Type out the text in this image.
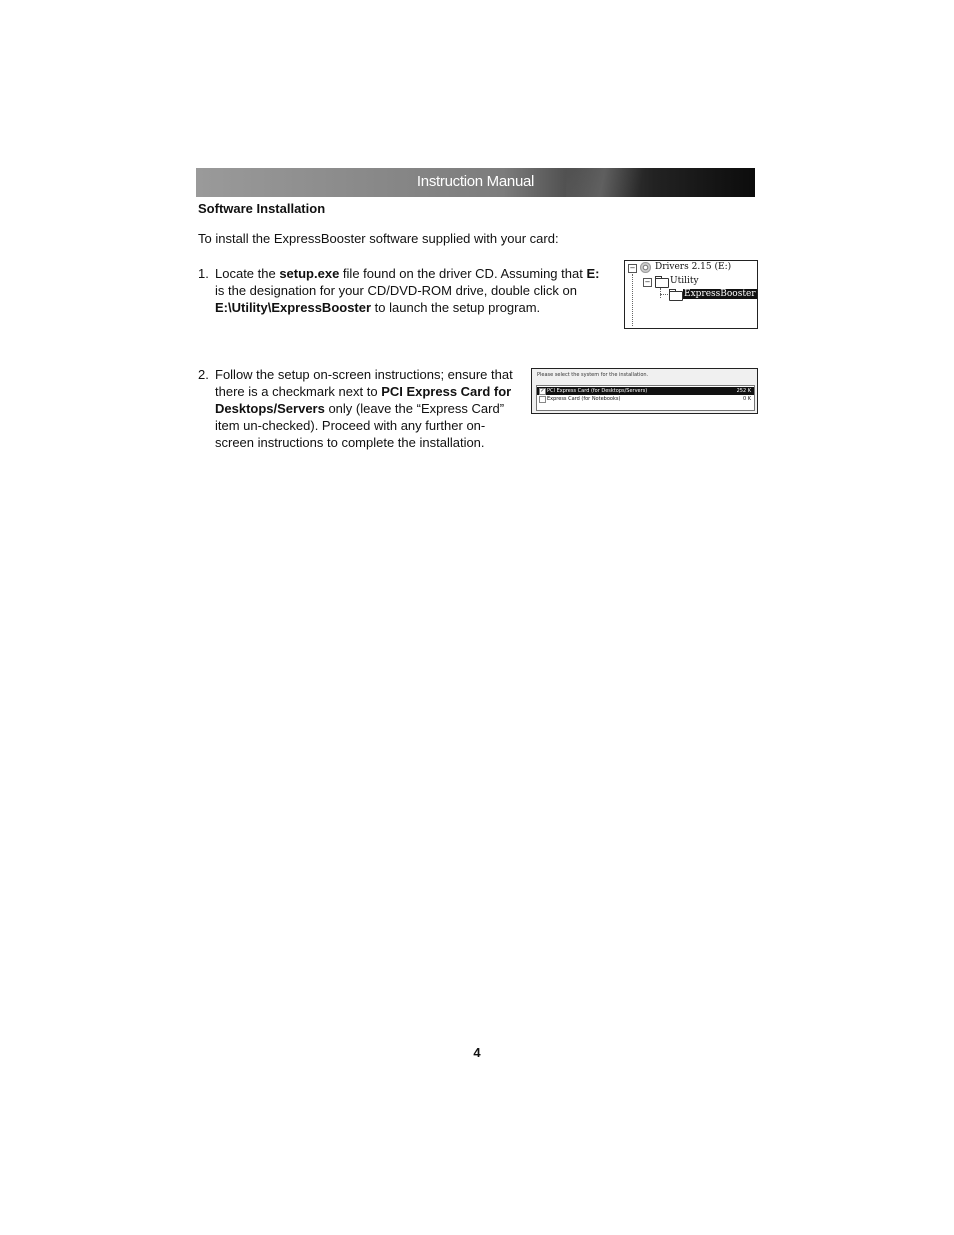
Instruction Manual
Software Installation
To install the ExpressBooster software supplied with your card:
1. Locate the setup.exe file found on the driver CD. Assuming that E: is the designation for your CD/DVD-ROM drive, double click on E:\Utility\ExpressBooster to launch the setup program.
2. Follow the setup on-screen instructions; ensure that there is a checkmark next to PCI Express Card for Desktops/Servers only (leave the “Express Card” item un-checked). Proceed with any further on-screen instructions to complete the installation.
− Drivers 2.15 (E:)
− Utility
ExpressBooster
Please select the system for the installation.
✓ PCI Express Card (for Desktops/Servers)	252 K
Express Card (for Notebooks)	0 K
4
